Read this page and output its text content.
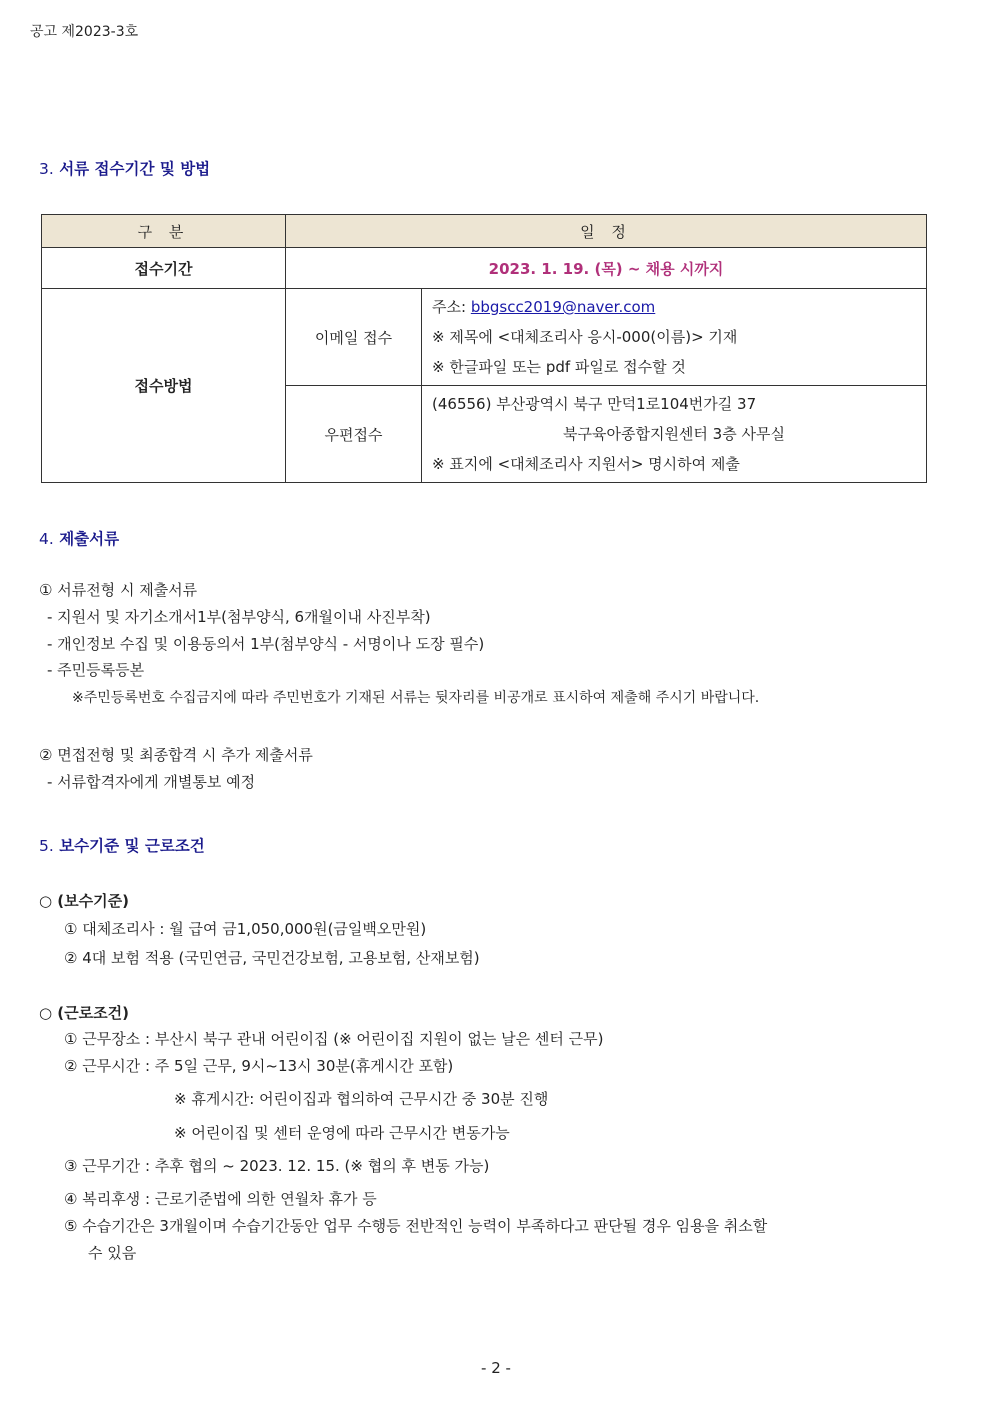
공고 제2023-3호
3. 서류 접수기간 및 방법
구 분	일 정	
접수기간	2023. 1. 19. (목) ~ 채용 시까지	
접수방법	이메일 접수	주소: bbgscc2019@naver.com
※ 제목에 <대체조리사 응시-000(이름)> 기재
※ 한글파일 또는 pdf 파일로 접수할 것

	우편접수	(46556) 부산광역시 북구 만덕1로104번가길 37
북구육아종합지원센터 3층 사무실
※ 표지에 <대체조리사 지원서> 명시하여 제출
4. 제출서류
① 서류전형 시 제출서류
- 지원서 및 자기소개서1부(첨부양식, 6개월이내 사진부착)
- 개인정보 수집 및 이용동의서 1부(첨부양식 - 서명이나 도장 필수)
- 주민등록등본
※주민등록번호 수집금지에 따라 주민번호가 기재된 서류는 뒷자리를 비공개로 표시하여 제출해 주시기 바랍니다.
② 면접전형 및 최종합격 시 추가 제출서류
- 서류합격자에게 개별통보 예정
5. 보수기준 및 근로조건
○ (보수기준)
① 대체조리사 : 월 급여 금1,050,000원(금일백오만원)
② 4대 보험 적용 (국민연금, 국민건강보험, 고용보험, 산재보험)
○ (근로조건)
① 근무장소 : 부산시 북구 관내 어린이집 (※ 어린이집 지원이 없는 날은 센터 근무)
② 근무시간 : 주 5일 근무, 9시~13시 30분(휴게시간 포함)
※ 휴게시간: 어린이집과 협의하여 근무시간 중 30분 진행
※ 어린이집 및 센터 운영에 따라 근무시간 변동가능
③ 근무기간 : 추후 협의 ~ 2023. 12. 15. (※ 협의 후 변동 가능)
④ 복리후생 : 근로기준법에 의한 연월차 휴가 등
⑤ 수습기간은 3개월이며 수습기간동안 업무 수행등 전반적인 능력이 부족하다고 판단될 경우 임용을 취소할
수 있음
- 2 -
